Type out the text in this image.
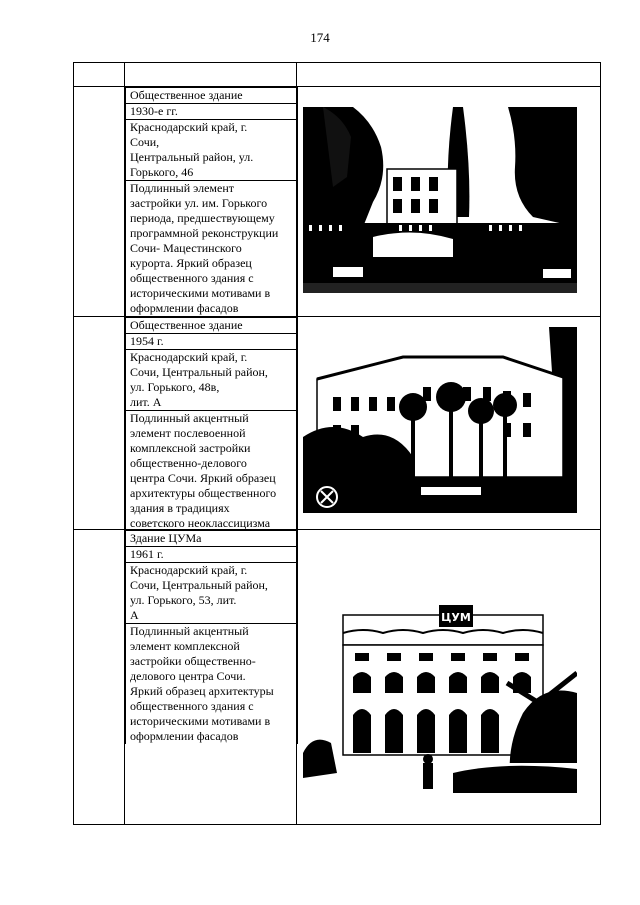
174
Общественное здание
1930-е гг.
Краснодарский край, г.
Сочи,
Центральный район, ул.
Горького, 46
Подлинный элемент
застройки ул. им. Горького
периода, предшествующему
программной реконструкции
Сочи- Мацестинского
курорта. Яркий образец
общественного здания с
историческими мотивами в
оформлении фасадов
Общественное здание
1954 г.
Краснодарский край, г.
Сочи, Центральный район,
ул. Горького, 48в,
лит. А
Подлинный акцентный
элемент послевоенной
комплексной застройки
общественно-делового
центра Сочи. Яркий образец
архитектуры общественного
здания в традициях
советского неоклассицизма
Здание ЦУМа
1961 г.
Краснодарский край, г.
Сочи, Центральный район,
ул. Горького, 53, лит.
А
Подлинный акцентный
элемент комплексной
застройки общественно-
делового центра Сочи.
Яркий образец архитектуры
общественного здания с
историческими мотивами в
оформлении фасадов
ЦУМ
